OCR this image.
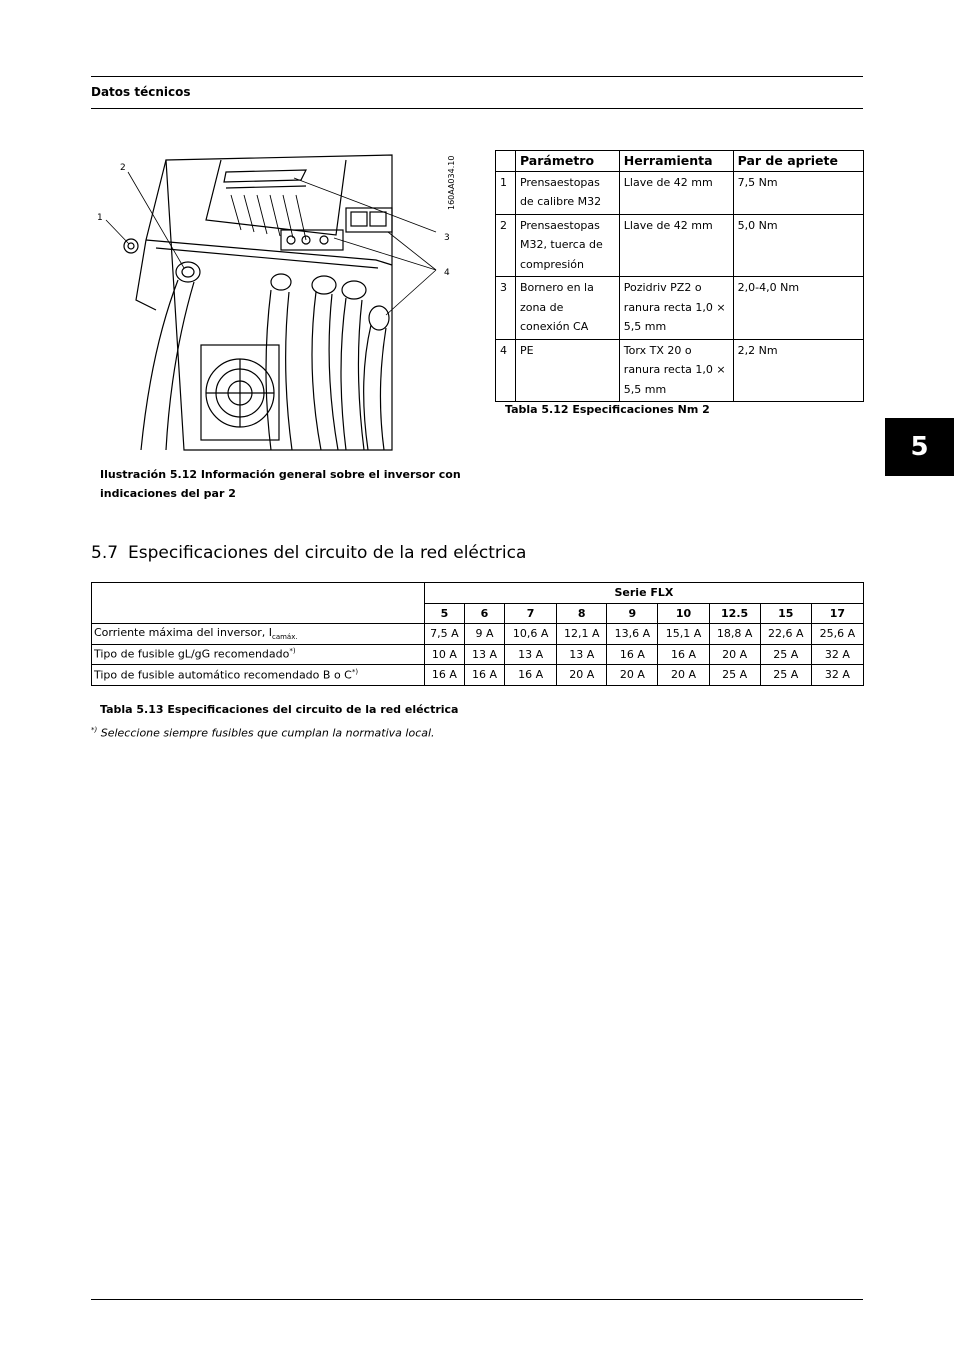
Datos técnicos
5
2
1
3
4
160AA034.10
Ilustración 5.12 Información general sobre el inversor con
indicaciones del par 2
	Parámetro	Herramienta	Par de apriete
1	Prensaestopas de calibre M32	Llave de 42 mm	7,5 Nm
2	Prensaestopas M32, tuerca de compresión	Llave de 42 mm	5,0 Nm
3	Bornero en la zona de conexión CA	Pozidriv PZ2 o ranura recta 1,0 × 5,5 mm	2,0-4,0 Nm
4	PE	Torx TX 20 o ranura recta 1,0 × 5,5 mm	2,2 Nm
Tabla 5.12 Especificaciones Nm 2
5.7 Especificaciones del circuito de la red eléctrica
	Serie FLX								
	5	6	7	8	9	10	12.5	15	17
Corriente máxima del inversor, $I_{camáx.}$	7,5 A	9 A	10,6 A	12,1 A	13,6 A	15,1 A	18,8 A	22,6 A	25,6 A
Tipo de fusible gL/gG recomendado*)	10 A	13 A	13 A	13 A	16 A	16 A	20 A	25 A	32 A
Tipo de fusible automático recomendado B o C*)	16 A	16 A	16 A	20 A	20 A	20 A	25 A	25 A	32 A
Tabla 5.13 Especificaciones del circuito de la red eléctrica
*) Seleccione siempre fusibles que cumplan la normativa local.
